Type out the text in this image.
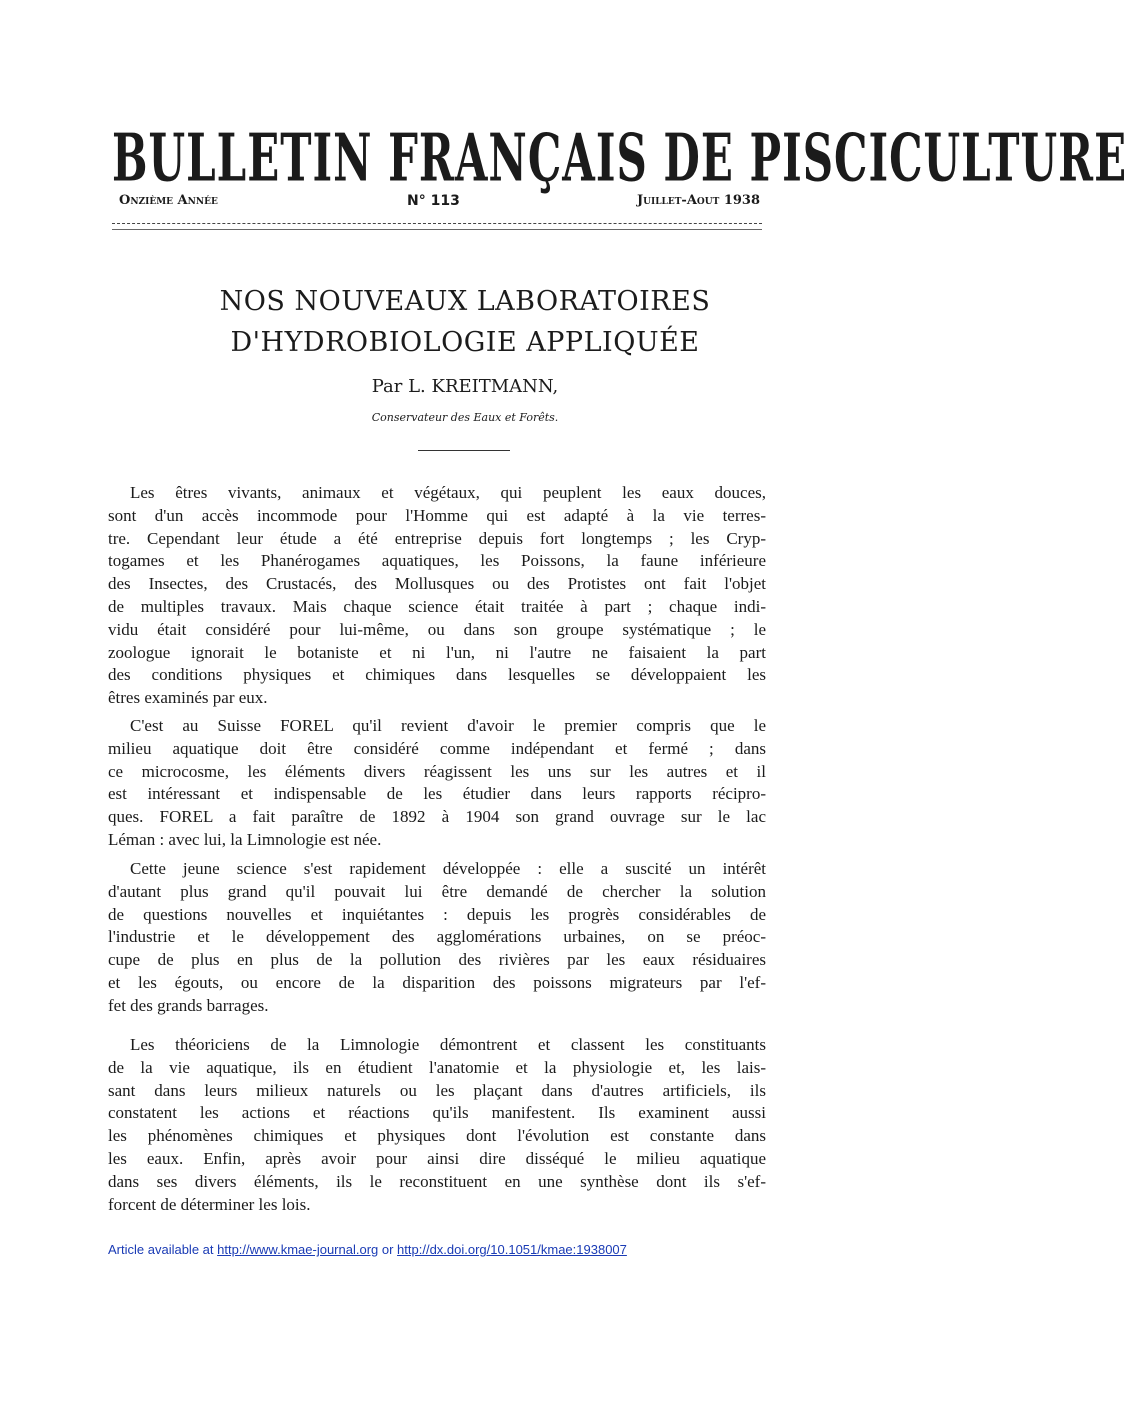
BULLETIN FRANÇAIS DE PISCICULTURE
Onzième Année	N° 113	Juillet-Aout 1938
NOS NOUVEAUX LABORATOIRES
D'HYDROBIOLOGIE APPLIQUÉE
Par L. KREITMANN,
Conservateur des Eaux et Forêts.
Les êtres vivants, animaux et végétaux, qui peuplent les eaux douces,
sont d'un accès incommode pour l'Homme qui est adapté à la vie terres-
tre. Cependant leur étude a été entreprise depuis fort longtemps ; les Cryp-
togames et les Phanérogames aquatiques, les Poissons, la faune inférieure
des Insectes, des Crustacés, des Mollusques ou des Protistes ont fait l'objet
de multiples travaux. Mais chaque science était traitée à part ; chaque indi-
vidu était considéré pour lui-même, ou dans son groupe systématique ; le
zoologue ignorait le botaniste et ni l'un, ni l'autre ne faisaient la part
des conditions physiques et chimiques dans lesquelles se développaient les
êtres examinés par eux.
C'est au Suisse FOREL qu'il revient d'avoir le premier compris que le
milieu aquatique doit être considéré comme indépendant et fermé ; dans
ce microcosme, les éléments divers réagissent les uns sur les autres et il
est intéressant et indispensable de les étudier dans leurs rapports récipro-
ques. FOREL a fait paraître de 1892 à 1904 son grand ouvrage sur le lac
Léman : avec lui, la Limnologie est née.
Cette jeune science s'est rapidement développée : elle a suscité un intérêt
d'autant plus grand qu'il pouvait lui être demandé de chercher la solution
de questions nouvelles et inquiétantes : depuis les progrès considérables de
l'industrie et le développement des agglomérations urbaines, on se préoc-
cupe de plus en plus de la pollution des rivières par les eaux résiduaires
et les égouts, ou encore de la disparition des poissons migrateurs par l'ef-
fet des grands barrages.
Les théoriciens de la Limnologie démontrent et classent les constituants
de la vie aquatique, ils en étudient l'anatomie et la physiologie et, les lais-
sant dans leurs milieux naturels ou les plaçant dans d'autres artificiels, ils
constatent les actions et réactions qu'ils manifestent. Ils examinent aussi
les phénomènes chimiques et physiques dont l'évolution est constante dans
les eaux. Enfin, après avoir pour ainsi dire disséqué le milieu aquatique
dans ses divers éléments, ils le reconstituent en une synthèse dont ils s'ef-
forcent de déterminer les lois.
Article available at http://www.kmae-journal.org or http://dx.doi.org/10.1051/kmae:1938007
